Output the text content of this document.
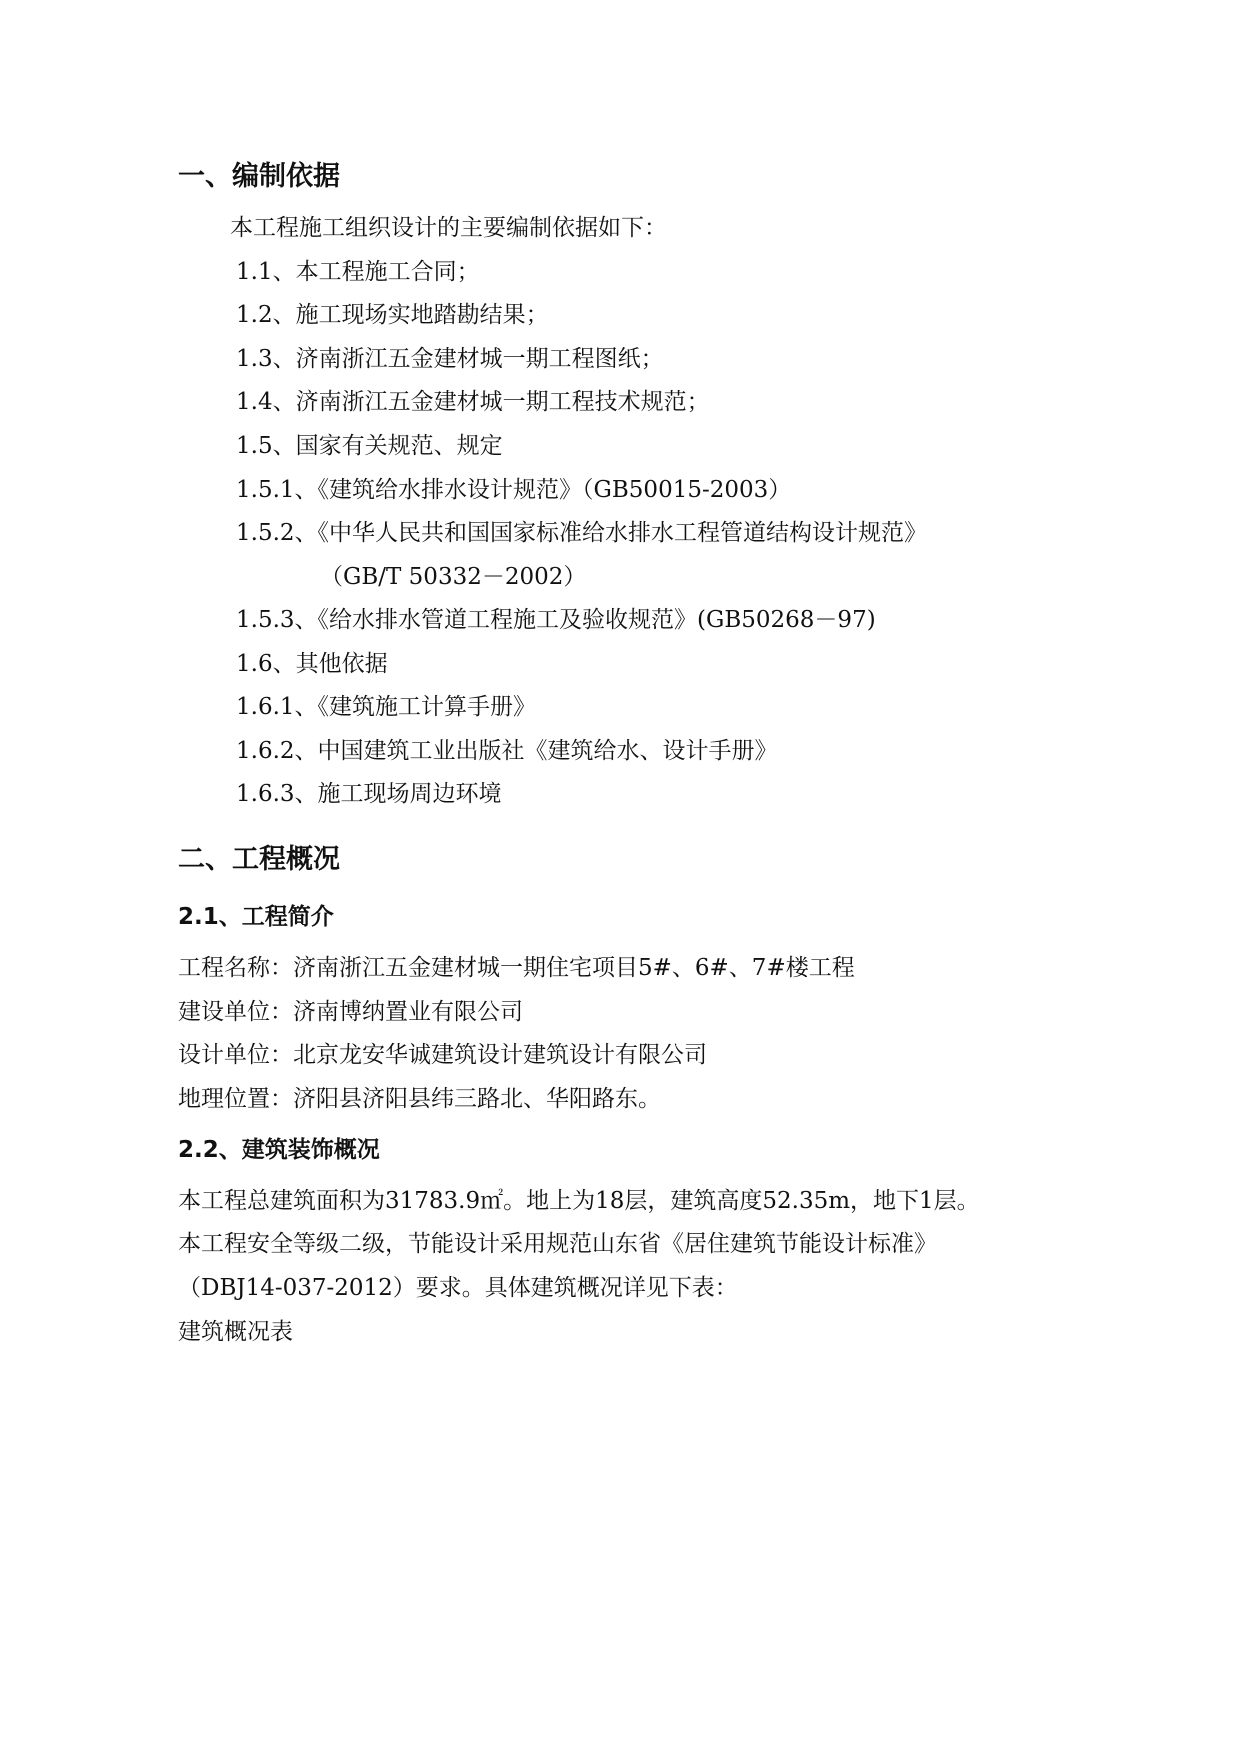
一、编制依据
本工程施工组织设计的主要编制依据如下：
1.1、本工程施工合同；
1.2、施工现场实地踏勘结果；
1.3、济南浙江五金建材城一期工程图纸；
1.4、济南浙江五金建材城一期工程技术规范；
1.5、国家有关规范、规定
1.5.1、《建筑给水排水设计规范》（GB50015-2003）
1.5.2、《中华人民共和国国家标准给水排水工程管道结构设计规范》
（GB/T 50332－2002）
1.5.3、《给水排水管道工程施工及验收规范》(GB50268－97)
1.6、其他依据
1.6.1、《建筑施工计算手册》
1.6.2、中国建筑工业出版社《建筑给水、设计手册》
1.6.3、施工现场周边环境
二、工程概况
2.1、工程简介
工程名称：济南浙江五金建材城一期住宅项目5#、6#、7#楼工程
建设单位：济南博纳置业有限公司
设计单位：北京龙安华诚建筑设计建筑设计有限公司
地理位置：济阳县济阳县纬三路北、华阳路东。
2.2、建筑装饰概况
本工程总建筑面积为31783.9㎡。地上为18层，建筑高度52.35m，地下1层。
本工程安全等级二级，节能设计采用规范山东省《居住建筑节能设计标准》
（DBJ14-037-2012）要求。具体建筑概况详见下表：
建筑概况表
